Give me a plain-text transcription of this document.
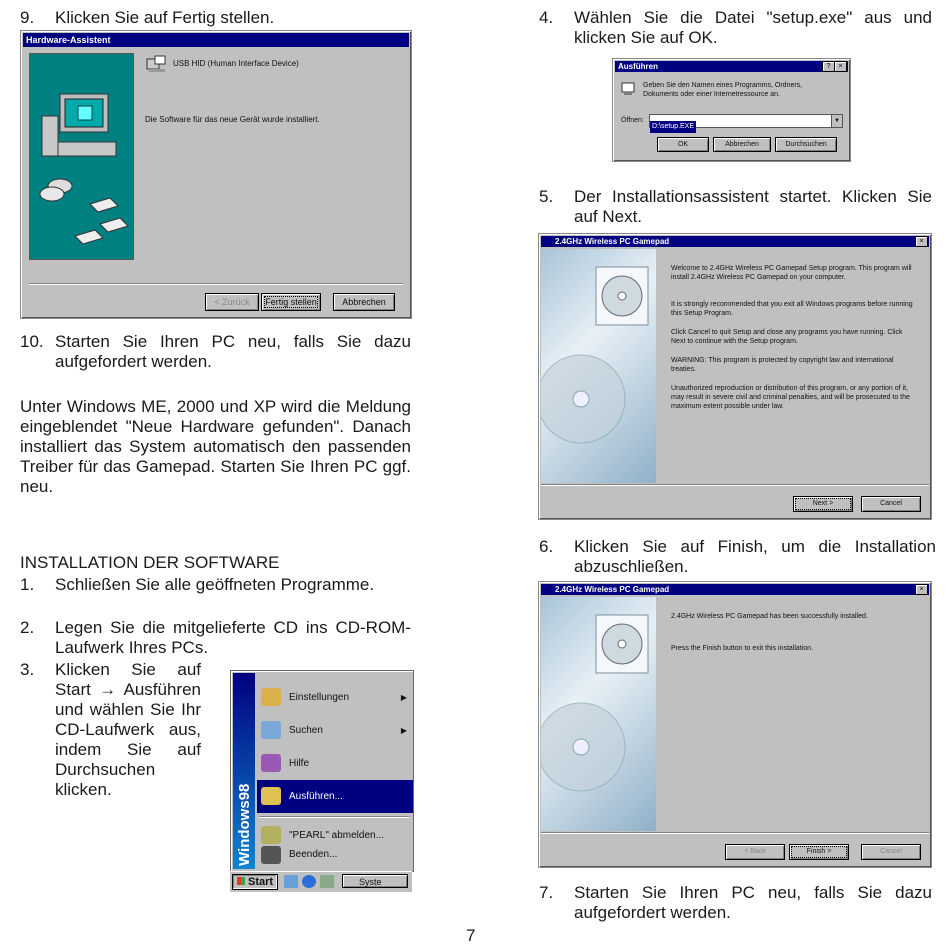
9. Klicken Sie auf Fertig stellen.
Hardware-Assistent
USB HID (Human Interface Device)
Die Software für das neue Gerät wurde installiert.
< Zurück	Fertig stellen	Abbrechen
10. Starten Sie Ihren PC neu, falls Sie dazu aufgefordert werden.
Unter Windows ME, 2000 und XP wird die Meldung eingeblendet "Neue Hardware gefunden". Danach installiert das System automatisch den passenden Treiber für das Gamepad. Starten Sie Ihren PC ggf. neu.
INSTALLATION DER SOFTWARE
1. Schließen Sie alle geöffneten Programme.
2. Legen Sie die mitgelieferte CD ins CD-ROM-Laufwerk Ihres PCs.
3. Klicken Sie auf Start → Ausführen und wählen Sie Ihr CD-Laufwerk aus, indem Sie auf Durchsuchen klicken.	Windows98
Einstellungen	▶
Suchen	▶
Hilfe
Ausführen...
"PEARL" abmelden...
Beenden...
Start	Syste
4. Wählen Sie die Datei "setup.exe" aus und klicken Sie auf OK.
Ausführen	?	×
Geben Sie den Namen eines Programms, Ordners, Dokuments oder einer Internetressource an.
Öffnen:
D:\setup.EXE
▼
OK	Abbrechen	Durchsuchen
5. Der Installationsassistent startet. Klicken Sie auf Next.
2.4GHz Wireless PC Gamepad	×
Welcome to 2.4GHz Wireless PC Gamepad Setup program. This program will install 2.4GHz Wireless PC Gamepad on your computer.
It is strongly recommended that you exit all Windows programs before running this Setup Program.
Click Cancel to quit Setup and close any programs you have running. Click Next to continue with the Setup program.
WARNING: This program is protected by copyright law and international treaties.
Unauthorized reproduction or distribution of this program, or any portion of it, may result in severe civil and criminal penalties, and will be prosecuted to the maximum extent possible under law.
Next >	Cancel
6. Klicken Sie auf Finish, um die Installation abzuschließen.
2.4GHz Wireless PC Gamepad	×
2.4GHz Wireless PC Gamepad has been successfully installed.
Press the Finish button to exit this installation.
< Back	Finish >	Cancel
7. Starten Sie Ihren PC neu, falls Sie dazu aufgefordert werden.
7
